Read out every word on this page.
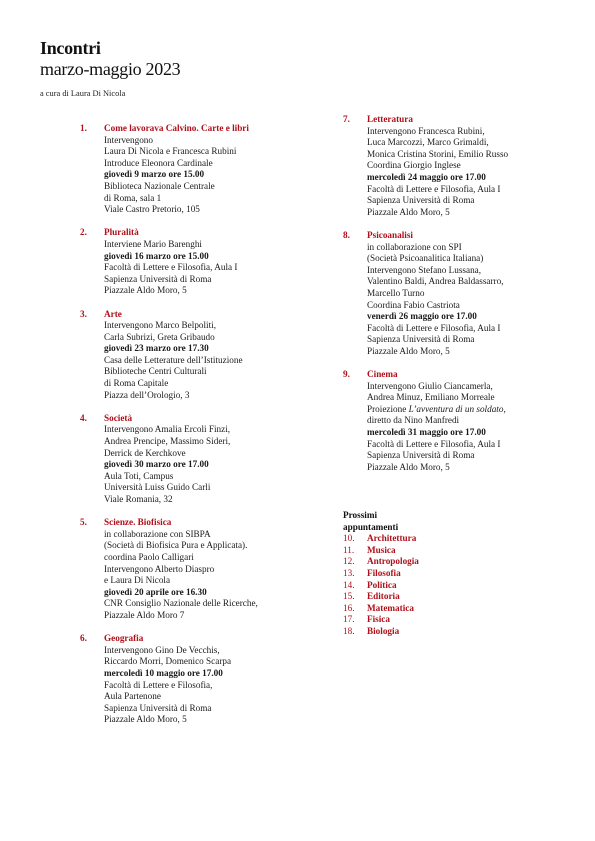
Incontri
marzo-maggio 2023
a cura di Laura Di Nicola
1.	Come lavorava Calvino. Carte e libri
Intervengono
Laura Di Nicola e Francesca Rubini
Introduce Eleonora Cardinale
giovedì 9 marzo ore 15.00
Biblioteca Nazionale Centrale
di Roma, sala 1
Viale Castro Pretorio, 105
2.	Pluralità
Interviene Mario Barenghi
giovedì 16 marzo ore 15.00
Facoltà di Lettere e Filosofia, Aula I
Sapienza Università di Roma
Piazzale Aldo Moro, 5
3.	Arte
Intervengono Marco Belpoliti,
Carla Subrizi, Greta Gribaudo
giovedì 23 marzo ore 17.30
Casa delle Letterature dell’Istituzione
Biblioteche Centri Culturali
di Roma Capitale
Piazza dell’Orologio, 3
4.	Società
Intervengono Amalia Ercoli Finzi,
Andrea Prencipe, Massimo Sideri,
Derrick de Kerchkove
giovedì 30 marzo ore 17.00
Aula Toti, Campus
Università Luiss Guido Carli
Viale Romania, 32
5.	Scienze. Biofisica
in collaborazione con SIBPA
(Società di Biofisica Pura e Applicata).
coordina Paolo Calligari
Intervengono Alberto Diaspro
e Laura Di Nicola
giovedì 20 aprile ore 16.30
CNR Consiglio Nazionale delle Ricerche,
Piazzale Aldo Moro 7
6.	Geografia
Intervengono Gino De Vecchis,
Riccardo Morri, Domenico Scarpa
mercoledì 10 maggio ore 17.00
Facoltà di Lettere e Filosofia,
Aula Partenone
Sapienza Università di Roma
Piazzale Aldo Moro, 5
7.	Letteratura
Intervengono Francesca Rubini,
Luca Marcozzi, Marco Grimaldi,
Monica Cristina Storini, Emilio Russo
Coordina Giorgio Inglese
mercoledì 24 maggio ore 17.00
Facoltà di Lettere e Filosofia, Aula I
Sapienza Università di Roma
Piazzale Aldo Moro, 5
8.	Psicoanalisi
in collaborazione con SPI
(Società Psicoanalitica Italiana)
Intervengono Stefano Lussana,
Valentino Baldi, Andrea Baldassarro,
Marcello Turno
Coordina Fabio Castriota
venerdì 26 maggio ore 17.00
Facoltà di Lettere e Filosofia, Aula I
Sapienza Università di Roma
Piazzale Aldo Moro, 5
9.	Cinema
Intervengono Giulio Ciancamerla,
Andrea Minuz, Emiliano Morreale
Proiezione L’avventura di un soldato,
diretto da Nino Manfredi
mercoledì 31 maggio ore 17.00
Facoltà di Lettere e Filosofia, Aula I
Sapienza Università di Roma
Piazzale Aldo Moro, 5
Prossimi
appuntamenti
10. Architettura
11. Musica
12. Antropologia
13. Filosofia
14. Politica
15. Editoria
16. Matematica
17. Fisica
18. Biologia
